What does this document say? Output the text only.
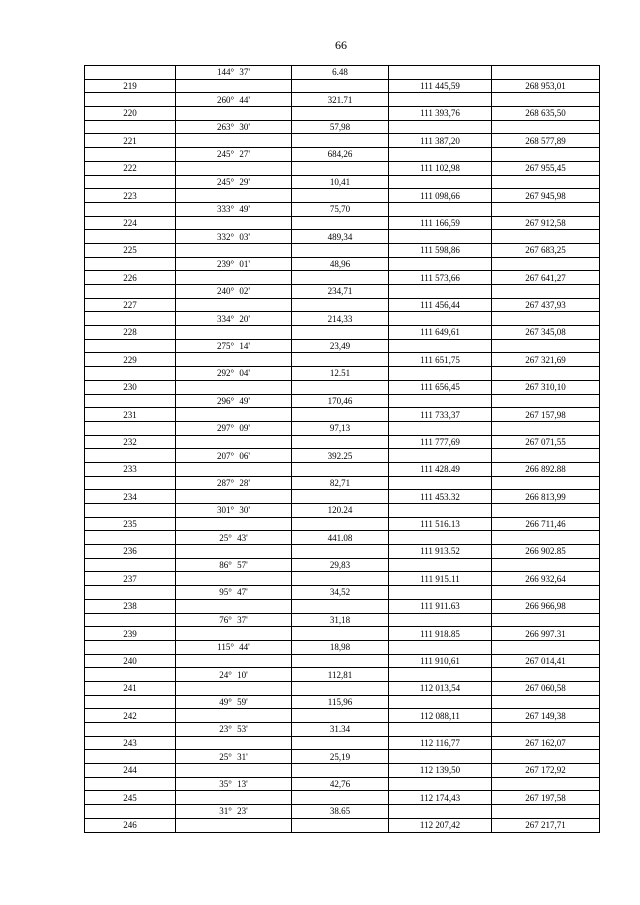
66
	144° 37'	6.48		
219			111 445,59	268 953,01
	260° 44'	321.71		
220			111 393,76	268 635,50
	263° 30'	57,98		
221			111 387,20	268 577,89
	245° 27'	684,26		
222			111 102,98	267 955,45
	245° 29'	10,41		
223			111 098,66	267 945,98
	333° 49'	75,70		
224			111 166,59	267 912,58
	332° 03'	489,34		
225			111 598,86	267 683,25
	239° 01'	48,96		
226			111 573,66	267 641,27
	240° 02'	234,71		
227			111 456,44	267 437,93
	334° 20'	214,33		
228			111 649,61	267 345,08
	275° 14'	23,49		
229			111 651,75	267 321,69
	292° 04'	12.51		
230			111 656,45	267 310,10
	296° 49'	170,46		
231			111 733,37	267 157,98
	297° 09'	97,13		
232			111 777,69	267 071,55
	207° 06'	392.25		
233			111 428.49	266 892.88
	287° 28'	82,71		
234			111 453.32	266 813,99
	301° 30'	120.24		
235			111 516.13	266 711,46
	25° 43'	441.08		
236			111 913.52	266 902.85
	86° 57'	29,83		
237			111 915.11	266 932,64
	95° 47'	34,52		
238			111 911.63	266 966,98
	76° 37'	31,18		
239			111 918.85	266 997.31
	115° 44'	18,98		
240			111 910,61	267 014,41
	24° 10'	112,81		
241			112 013,54	267 060,58
	49° 59'	115,96		
242			112 088,11	267 149,38
	23° 53'	31.34		
243			112 116,77	267 162,07
	25° 31'	25,19		
244			112 139,50	267 172,92
	35° 13'	42,76		
245			112 174,43	267 197,58
	31° 23'	38.65		
246			112 207,42	267 217,71
